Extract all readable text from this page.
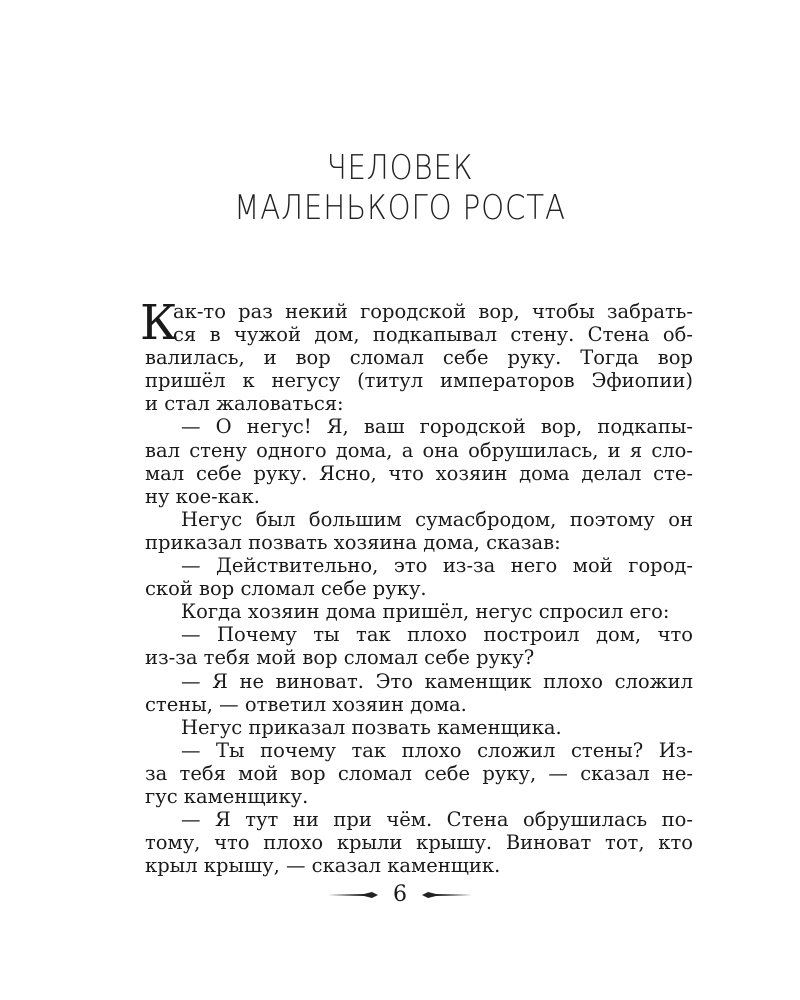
ЧЕЛОВЕК
МАЛЕНЬКОГО РОСТА
К
ак-то раз некий городской вор, чтобы забрать-
ся в чужой дом, подкапывал стену. Стена об-
валилась, и вор сломал себе руку. Тогда вор
пришёл к негусу (титул императоров Эфиопии)
и стал жаловаться:
— О негус! Я, ваш городской вор, подкапы-
вал стену одного дома, а она обрушилась, и я сло-
мал себе руку. Ясно, что хозяин дома делал сте-
ну кое-как.
Негус был большим сумасбродом, поэтому он
приказал позвать хозяина дома, сказав:
— Действительно, это из-за него мой город-
ской вор сломал себе руку.
Когда хозяин дома пришёл, негус спросил его:
— Почему ты так плохо построил дом, что
из-за тебя мой вор сломал себе руку?
— Я не виноват. Это каменщик плохо сложил
стены, — ответил хозяин дома.
Негус приказал позвать каменщика.
— Ты почему так плохо сложил стены? Из-
за тебя мой вор сломал себе руку, — сказал не-
гус каменщику.
— Я тут ни при чём. Стена обрушилась по-
тому, что плохо крыли крышу. Виноват тот, кто
крыл крышу, — сказал каменщик.
6
